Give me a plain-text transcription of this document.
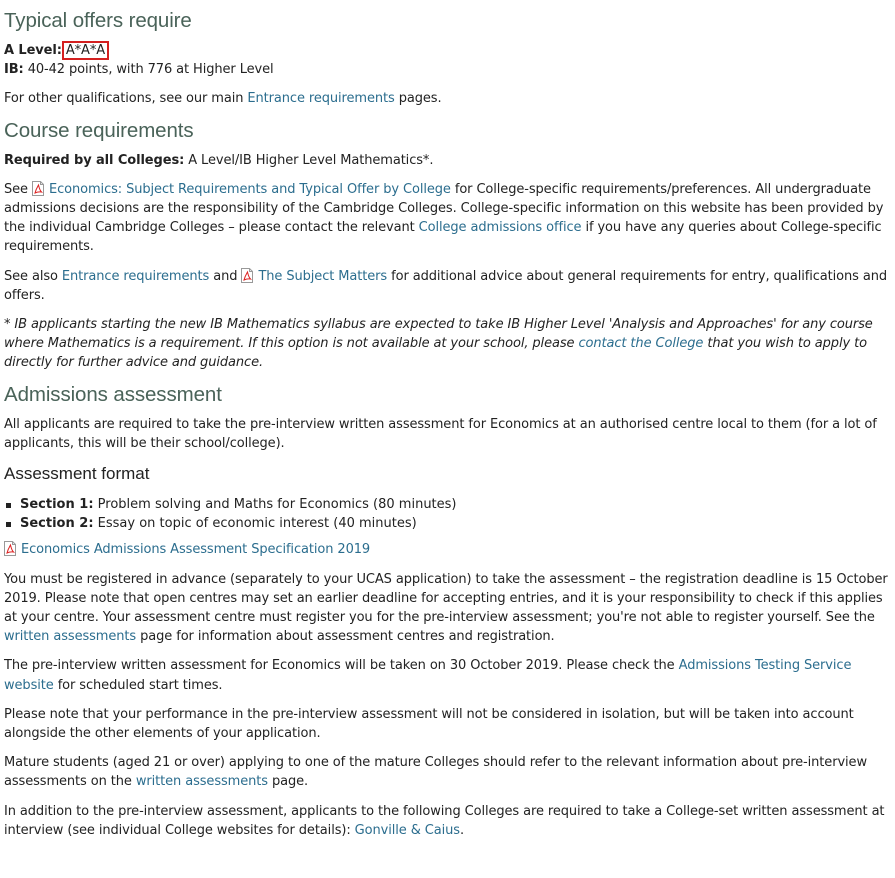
Typical offers require
A Level: A*A*A
IB: 40-42 points, with 776 at Higher Level
For other qualifications, see our main Entrance requirements pages.
Course requirements
Required by all Colleges: A Level/IB Higher Level Mathematics*.
See Economics: Subject Requirements and Typical Offer by College for College-specific requirements/preferences. All undergraduate admissions decisions are the responsibility of the Cambridge Colleges. College-specific information on this website has been provided by the individual Cambridge Colleges – please contact the relevant College admissions office if you have any queries about College-specific requirements.
See also Entrance requirements and The Subject Matters for additional advice about general requirements for entry, qualifications and offers.
* IB applicants starting the new IB Mathematics syllabus are expected to take IB Higher Level 'Analysis and Approaches' for any course where Mathematics is a requirement. If this option is not available at your school, please contact the College that you wish to apply to directly for further advice and guidance.
Admissions assessment
All applicants are required to take the pre-interview written assessment for Economics at an authorised centre local to them (for a lot of applicants, this will be their school/college).
Assessment format
Section 1: Problem solving and Maths for Economics (80 minutes)
Section 2: Essay on topic of economic interest (40 minutes)
Economics Admissions Assessment Specification 2019
You must be registered in advance (separately to your UCAS application) to take the assessment – the registration deadline is 15 October 2019. Please note that open centres may set an earlier deadline for accepting entries, and it is your responsibility to check if this applies at your centre. Your assessment centre must register you for the pre-interview assessment; you're not able to register yourself. See the written assessments page for information about assessment centres and registration.
The pre-interview written assessment for Economics will be taken on 30 October 2019. Please check the Admissions Testing Service website for scheduled start times.
Please note that your performance in the pre-interview assessment will not be considered in isolation, but will be taken into account alongside the other elements of your application.
Mature students (aged 21 or over) applying to one of the mature Colleges should refer to the relevant information about pre-interview assessments on the written assessments page.
In addition to the pre-interview assessment, applicants to the following Colleges are required to take a College-set written assessment at interview (see individual College websites for details): Gonville & Caius.
